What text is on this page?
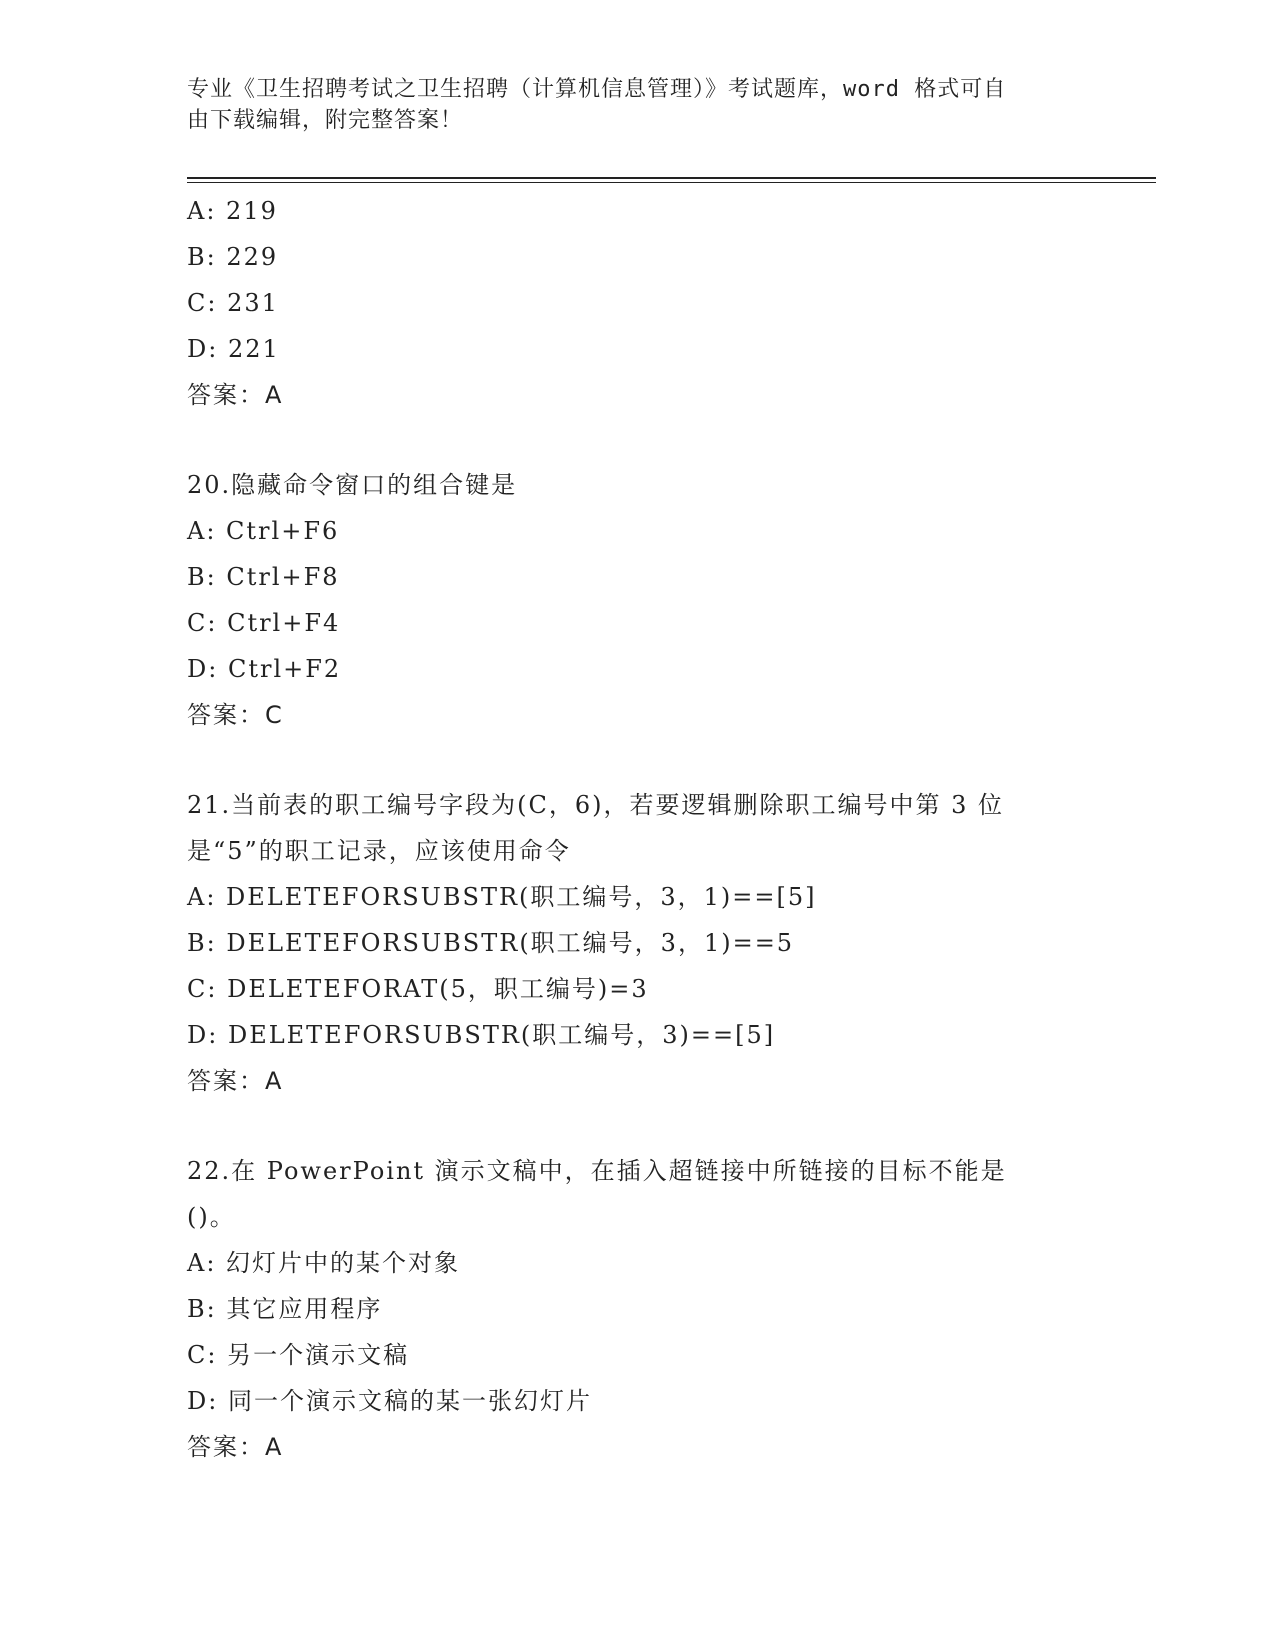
专业《卫生招聘考试之卫生招聘（计算机信息管理）》考试题库，word 格式可自
由下载编辑，附完整答案！
A: 219
B: 229
C: 231
D: 221
答案：A
20.隐藏命令窗口的组合键是
A: Ctrl+F6
B: Ctrl+F8
C: Ctrl+F4
D: Ctrl+F2
答案：C
21.当前表的职工编号字段为(C，6)，若要逻辑删除职工编号中第 3 位
是“5”的职工记录，应该使用命令
A: DELETEFORSUBSTR(职工编号，3，1)==[5]
B: DELETEFORSUBSTR(职工编号，3，1)==5
C: DELETEFORAT(5，职工编号)=3
D: DELETEFORSUBSTR(职工编号，3)==[5]
答案：A
22.在 PowerPoint 演示文稿中，在插入超链接中所链接的目标不能是
()。
A: 幻灯片中的某个对象
B: 其它应用程序
C: 另一个演示文稿
D: 同一个演示文稿的某一张幻灯片
答案：A
